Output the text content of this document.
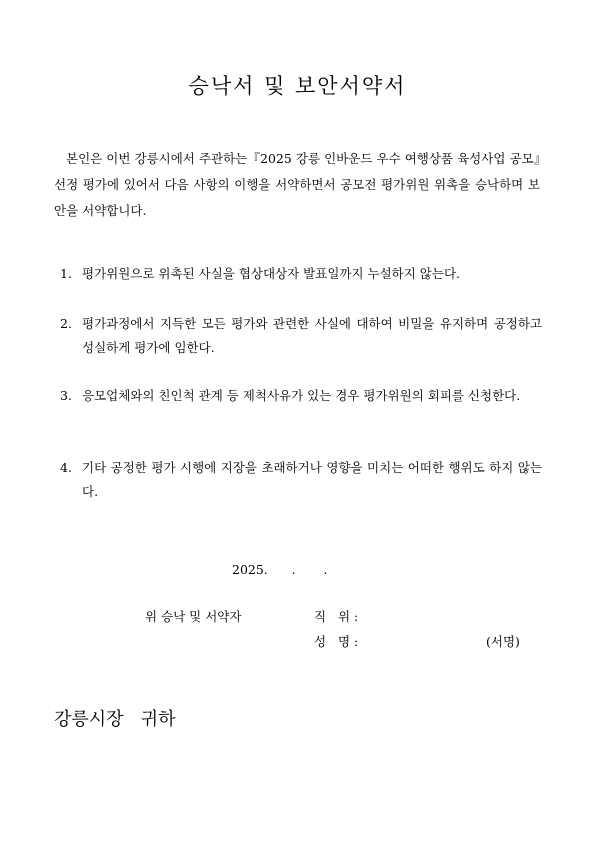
승낙서 및 보안서약서

본인은 이번 강릉시에서 주관하는『2025 강릉 인바운드 우수 여행상품 육성사업 공모』선정 평가에 있어서 다음 사항의 이행을 서약하면서 공모전 평가위원 위촉을 승낙하며 보안을 서약합니다.

1. 평가위원으로 위촉된 사실을 협상대상자 발표일까지 누설하지 않는다.
2. 평가과정에서 지득한 모든 평가와 관련한 사실에 대하여 비밀을 유지하며 공정하고 성실하게 평가에 임한다.
3. 응모업체와의 친인척 관계 등 제척사유가 있는 경우 평가위원의 회피를 신청한다.
4. 기타 공정한 평가 시행에 지장을 초래하거나 영향을 미치는 어떠한 행위도 하지 않는다.
2025.      .       .
위 승낙 및 서약자	직   위 :
성   명 :	(서명)
강릉시장   귀하
